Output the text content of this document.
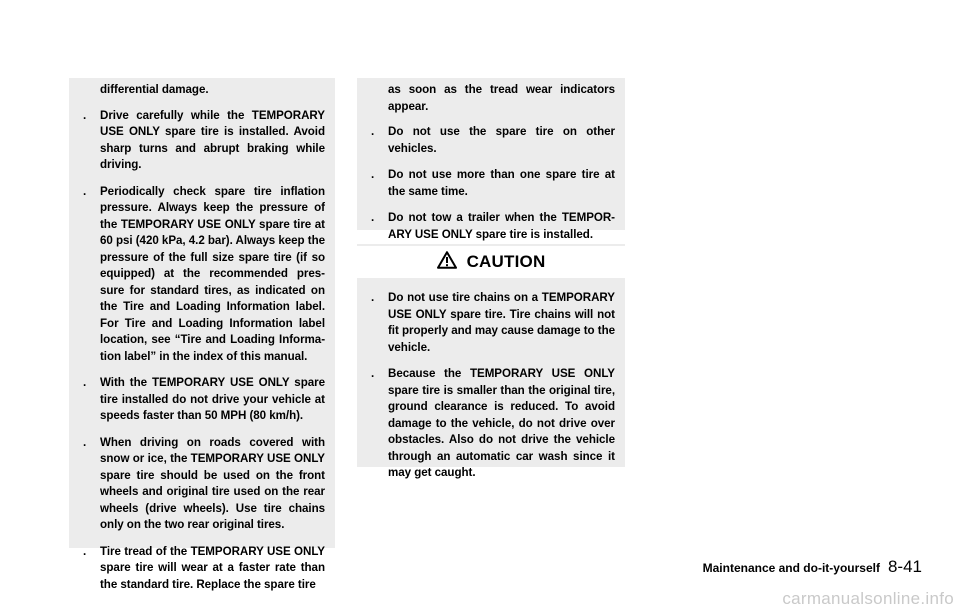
differential damage.

. Drive carefully while the TEMPORARY USE ONLY spare tire is installed. Avoid sharp turns and abrupt braking while driving.

. Periodically check spare tire inflation pressure. Always keep the pressure of the TEMPORARY USE ONLY spare tire at 60 psi (420 kPa, 4.2 bar). Always keep the pressure of the full size spare tire (if so equipped) at the recommended pres-sure for standard tires, as indicated on the Tire and Loading Information label. For Tire and Loading Information label location, see “Tire and Loading Informa-tion label” in the index of this manual.

. With the TEMPORARY USE ONLY spare tire installed do not drive your vehicle at speeds faster than 50 MPH (80 km/h).

. When driving on roads covered with snow or ice, the TEMPORARY USE ONLY spare tire should be used on the front wheels and original tire used on the rear wheels (drive wheels). Use tire chains only on the two rear original tires.

. Tire tread of the TEMPORARY USE ONLY spare tire will wear at a faster rate than the standard tire. Replace the spare tire

as soon as the tread wear indicators appear.

. Do not use the spare tire on other vehicles.

. Do not use more than one spare tire at the same time.

. Do not tow a trailer when the TEMPOR-ARY USE ONLY spare tire is installed.

CAUTION

. Do not use tire chains on a TEMPORARY USE ONLY spare tire. Tire chains will not fit properly and may cause damage to the vehicle.

. Because the TEMPORARY USE ONLY spare tire is smaller than the original tire, ground clearance is reduced. To avoid damage to the vehicle, do not drive over obstacles. Also do not drive the vehicle through an automatic car wash since it may get caught.

Maintenance and do-it-yourself 8-41
carmanualsonline.info
